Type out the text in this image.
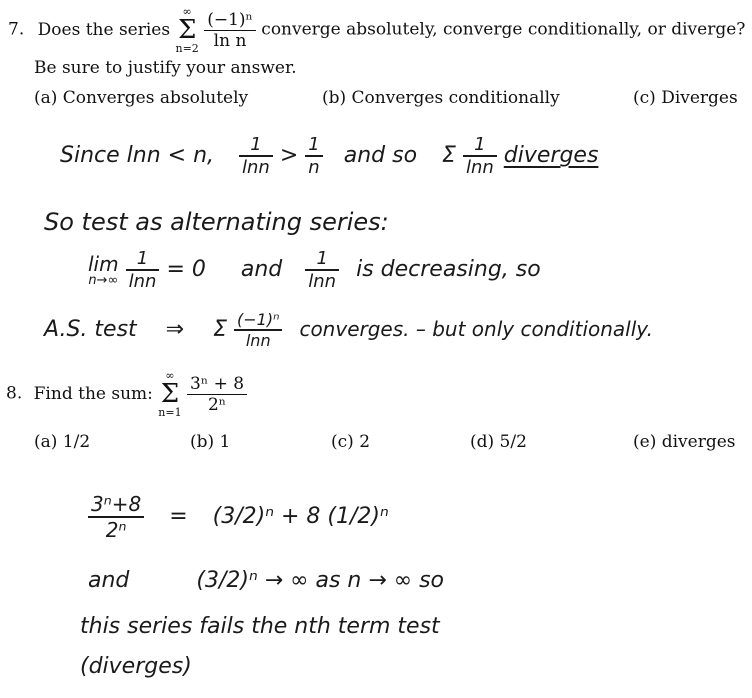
7. Does the series
∞
Σ
n=2
$\frac{\text{(−1)ⁿ}}{\text{ln n}}$ converge absolutely, converge conditionally, or diverge?
Be sure to justify your answer.
(a) Converges absolutely	(b) Converges conditionally	(c) Diverges
Since lnn < n, $\frac{1}{\ln n} > \frac{1}{n}$ and so Σ $\frac{1}{\ln n}$ diverges
So test as alternating series:
lim
n→∞
$\frac{1}{\ln n} = 0$ and $\frac{1}{\ln n}$ is decreasing, so
A.S. test ⇒ Σ $\frac{\text{(−1)ⁿ}}{\ln n}$ converges. – but only conditionally.
8. Find the sum:
∞
Σ
n=1
$\frac{\text{3ⁿ + 8}}{\text{2ⁿ}}$
(a) 1/2	(b) 1	(c) 2	(d) 5/2	(e) diverges
$\frac{\text{3ⁿ+8}}{\text{2ⁿ}} = (3/2)^n + 8$ (1/2)ⁿ
and	(3/2)ⁿ → ∞ as n → ∞ so
this series fails the nth term test
(diverges)
